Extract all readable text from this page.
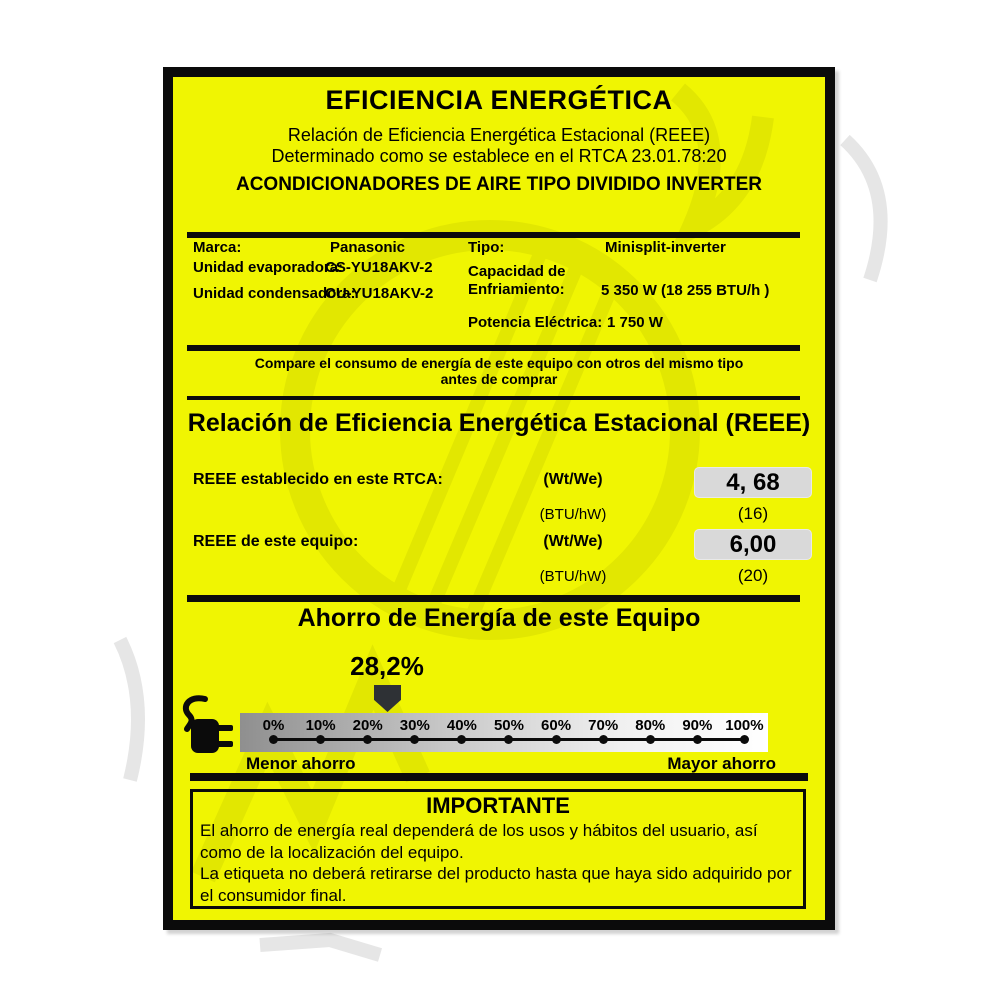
EFICIENCIA ENERGÉTICA
Relación de Eficiencia Energética Estacional (REEE)
Determinado como se establece en el RTCA 23.01.78:20
ACONDICIONADORES DE AIRE TIPO DIVIDIDO INVERTER
Marca:	Panasonic
Unidad evaporadora:
CS-YU18AKV-2
Unidad condensadora:
CU-YU18AKV-2
Tipo:	Minisplit-inverter
Capacidad de
Enfriamiento: 5 350 W (18 255 BTU/h )
Potencia Eléctrica: 1 750 W
Compare el consumo de energía de este equipo con otros del mismo tipo
antes de comprar
Relación de Eficiencia Energética Estacional (REEE)
REEE establecido en este RTCA:	(Wt/We)	4, 68
(BTU/hW)	(16)
REEE de este equipo:	(Wt/We)	6,00
(BTU/hW)	(20)
Ahorro de Energía de este Equipo
28,2%
0% 10% 20% 30% 40% 50% 60% 70% 80% 90% 100%
Menor ahorro	Mayor ahorro
IMPORTANTE

El ahorro de energía real dependerá de los usos y hábitos del usuario, así como de la localización del equipo.

La etiqueta no deberá retirarse del producto hasta que haya sido adquirido por el consumidor final.
